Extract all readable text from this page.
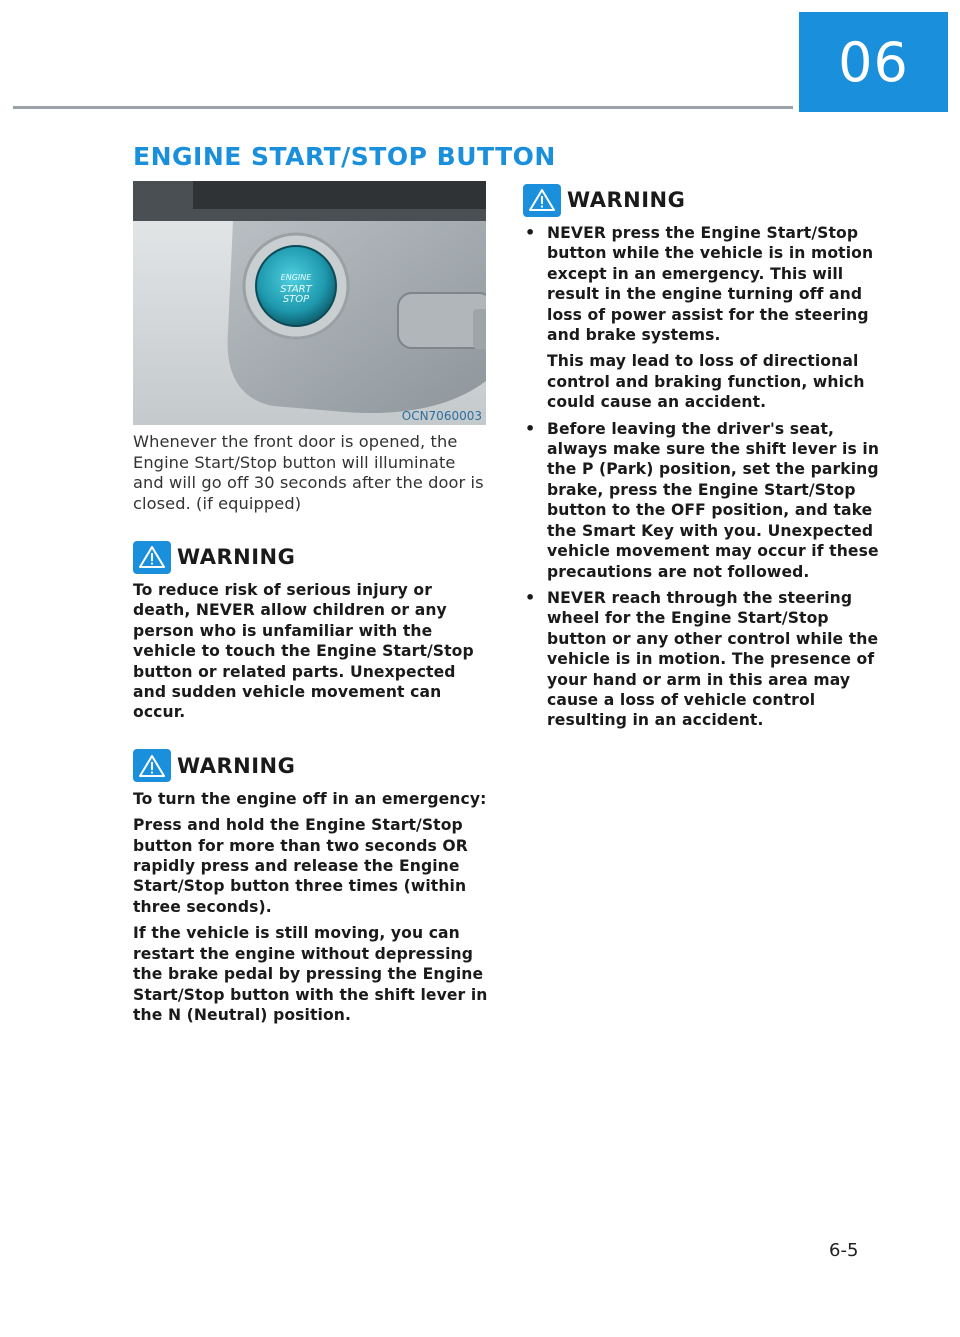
06
ENGINE START/STOP BUTTON
ENGINE
START
STOP
OCN7060003

Whenever the front door is opened, the Engine Start/Stop button will illuminate and will go off 30 seconds after the door is closed. (if equipped)

WARNING

To reduce risk of serious injury or death, NEVER allow children or any person who is unfamiliar with the vehicle to touch the Engine Start/Stop button or related parts. Unexpected and sudden vehicle movement can occur.

WARNING

To turn the engine off in an emergency:

Press and hold the Engine Start/Stop button for more than two seconds OR rapidly press and release the Engine Start/Stop button three times (within three seconds).

If the vehicle is still moving, you can restart the engine without depressing the brake pedal by pressing the Engine Start/Stop button with the shift lever in the N (Neutral) position.

WARNING

• NEVER press the Engine Start/Stop button while the vehicle is in motion except in an emergency. This will result in the engine turning off and loss of power assist for the steering and brake systems.

This may lead to loss of directional control and braking function, which could cause an accident.

• Before leaving the driver's seat, always make sure the shift lever is in the P (Park) position, set the parking brake, press the Engine Start/Stop button to the OFF position, and take the Smart Key with you. Unexpected vehicle movement may occur if these precautions are not followed.

• NEVER reach through the steering wheel for the Engine Start/Stop button or any other control while the vehicle is in motion. The presence of your hand or arm in this area may cause a loss of vehicle control resulting in an accident.

6-5
